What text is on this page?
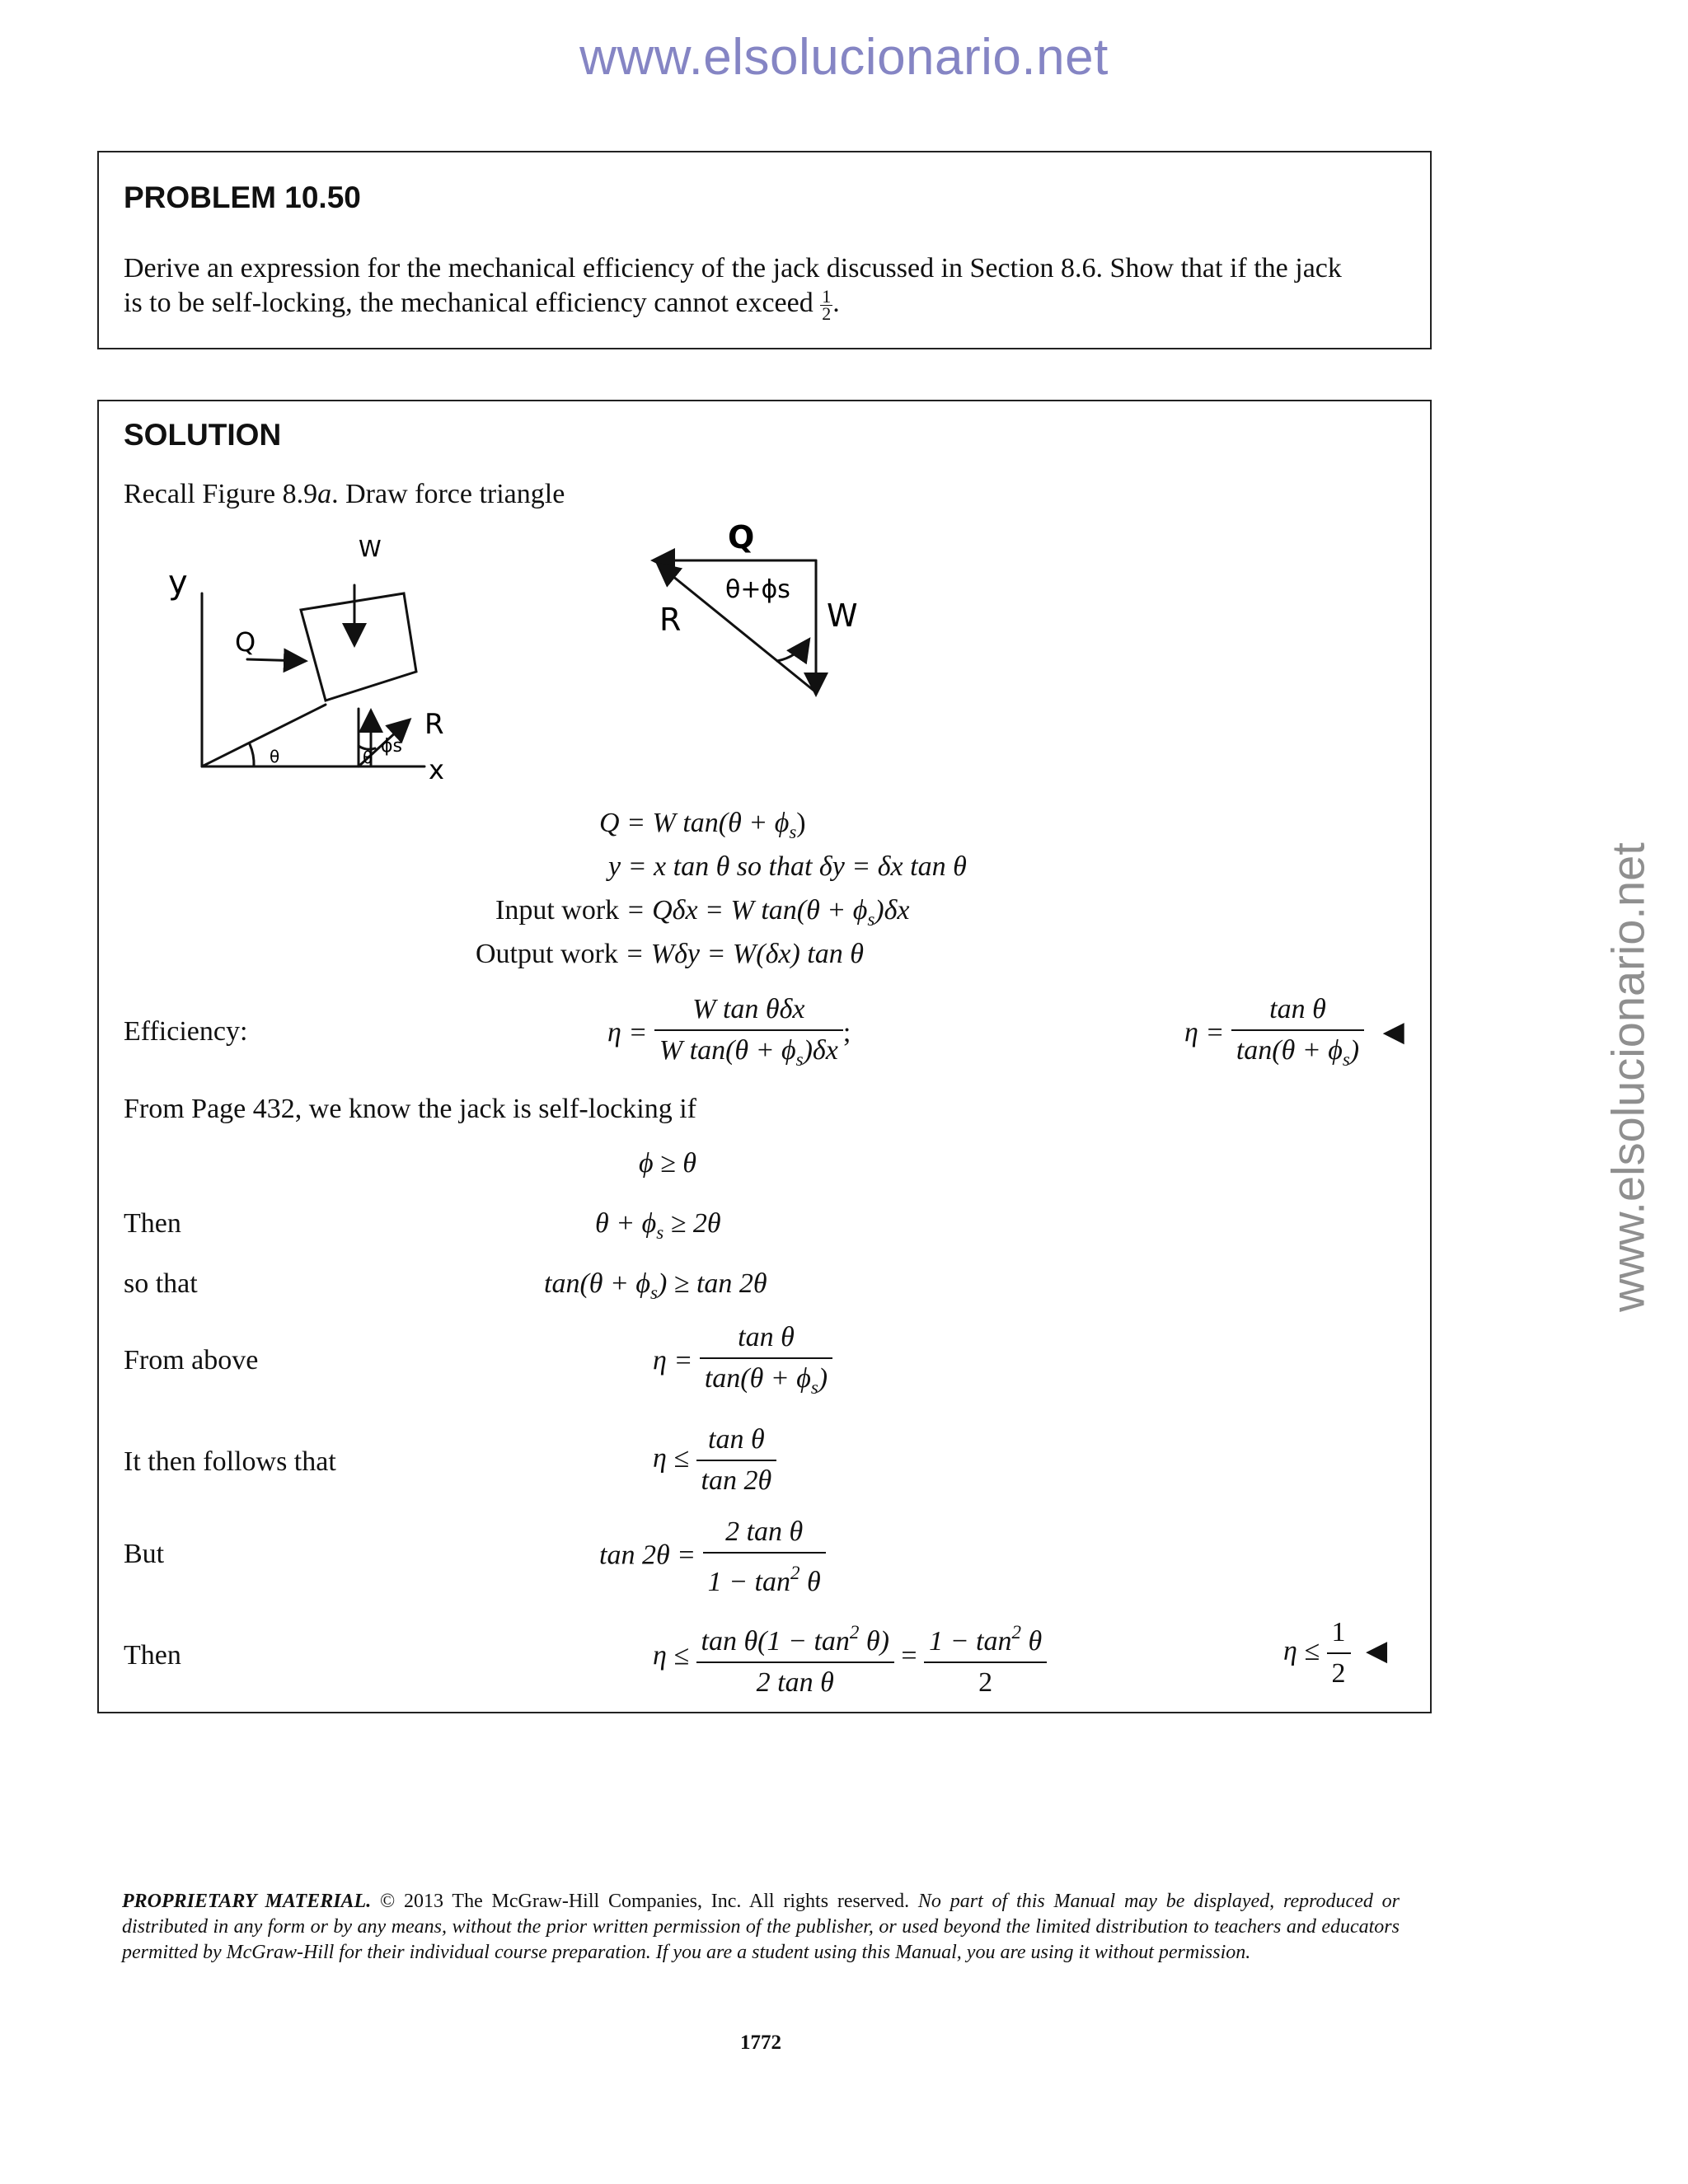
www.elsolucionario.net
www.elsolucionario.net
PROBLEM 10.50
Derive an expression for the mechanical efficiency of the jack discussed in Section 8.6. Show that if the jack
is to be self-locking, the mechanical efficiency cannot exceed $\frac{1}{2}$ .
SOLUTION
Recall Figure 8.9a. Draw force triangle
y
W
Q
R
ϕs
θ	θ x
Q
θ+ϕs
R	W
Q = W $\tan(\theta + \phi_s)$
y = x tan θ so that δy = δx tan θ
Input work = Qδx = W $\tan(\theta + \phi_s)\delta x$
Output work = Wδy = W(δx) tan θ
Efficiency:	$\eta = \frac{\text{W tan θδx}}{W \tan(\theta + \phi_s)\delta x}$ ;	$\eta = \frac{\text{tan θ}}{\tan(\theta + \phi_s)}$ ◀
From Page 432, we know the jack is self-locking if
ϕ ≥ θ
Then	$\theta + \phi_s \ge 2\theta$
so that	$\tan(\theta + \phi_s) \ge \tan 2\theta$
From above	$\eta = \frac{\text{tan θ}}{\tan(\theta + \phi_s)}$
It then follows that	$\eta \le \frac{\text{tan θ}}{\tan 2\theta}$
But	$\tan 2\theta = \frac{\text{2 tan θ}}{1 - \tan^2 \theta}$
Then	$\eta \le \frac{\tan \theta(1 - \tan^2 \theta)}{\text{2 tan θ}} = \frac{1 - \tan^2 \theta}{2}$	$\eta \le \frac{1}{2}$ ◀
PROPRIETARY MATERIAL. © 2013 The McGraw-Hill Companies, Inc. All rights reserved. No part of this Manual may be displayed, reproduced or distributed in any form or by any means, without the prior written permission of the publisher, or used beyond the limited distribution to teachers and educators permitted by McGraw-Hill for their individual course preparation. If you are a student using this Manual, you are using it without permission.
1772
